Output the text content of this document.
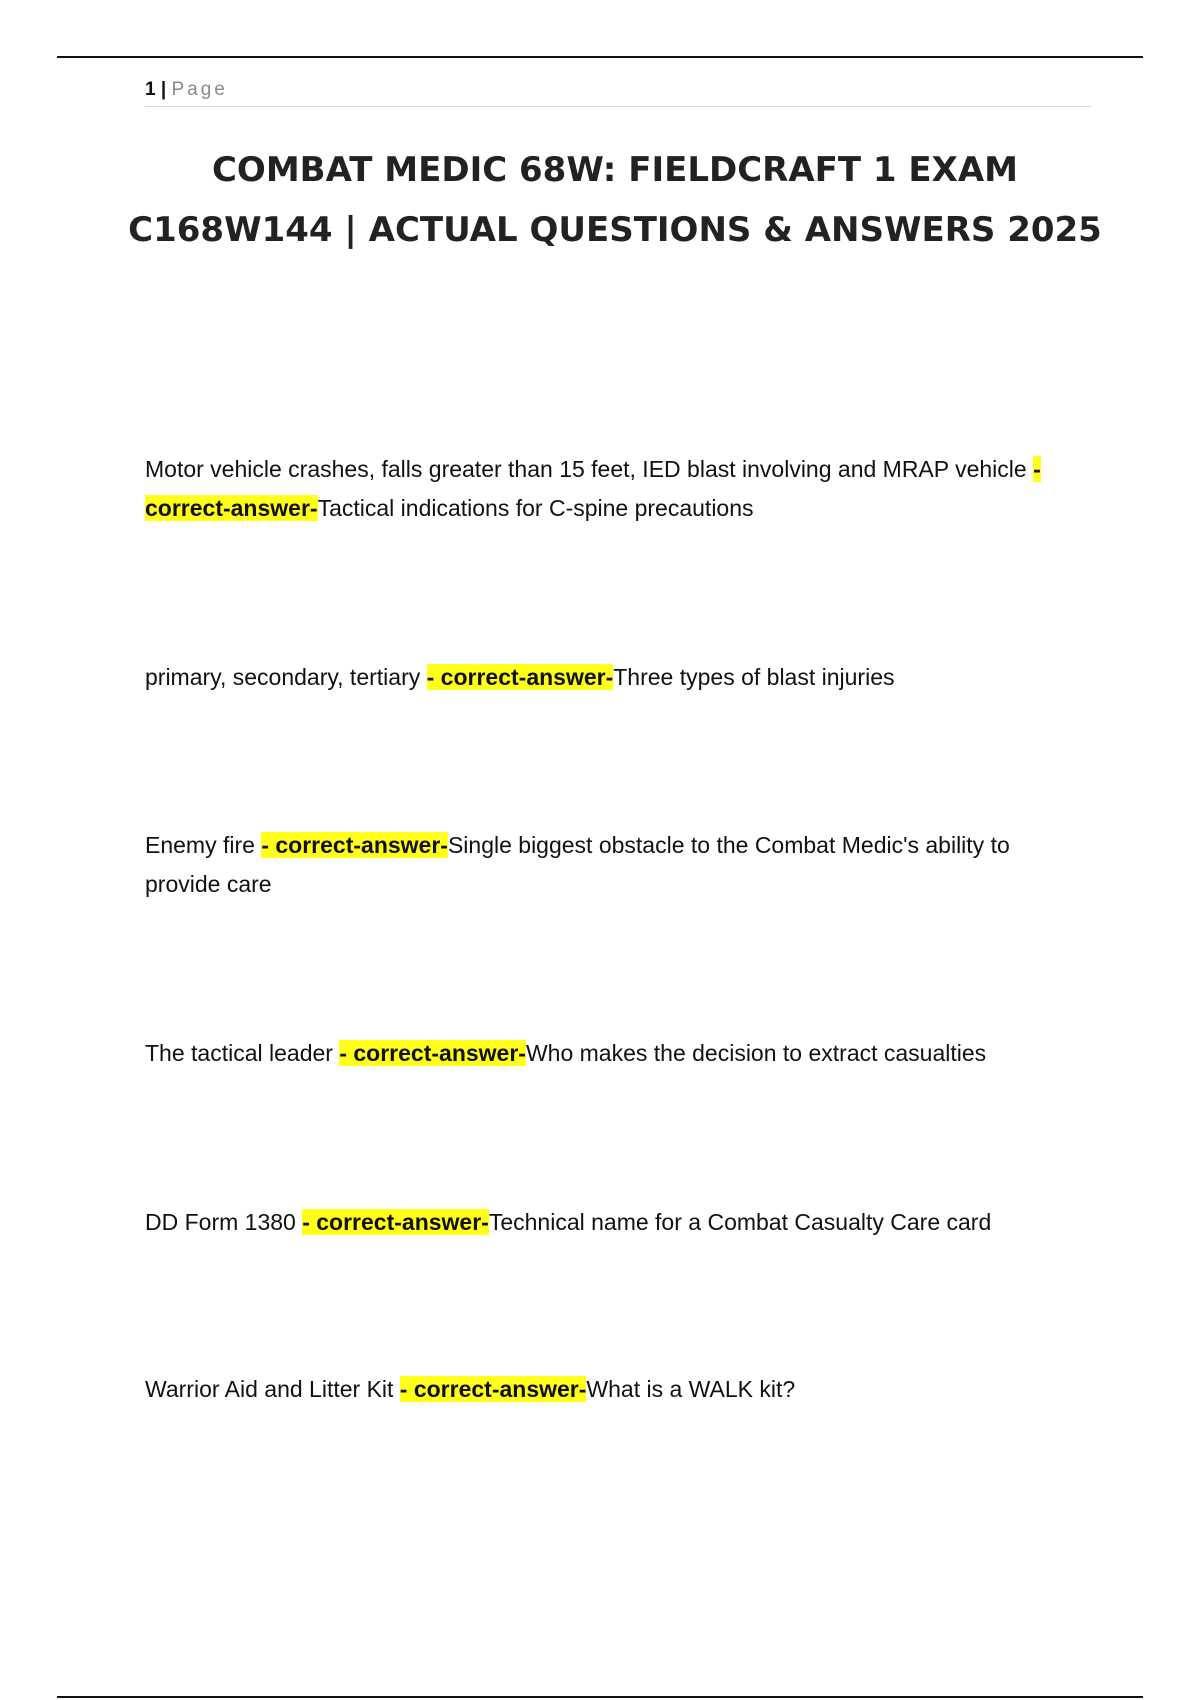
1 | Page
COMBAT MEDIC 68W: FIELDCRAFT 1 EXAM C168W144 | ACTUAL QUESTIONS & ANSWERS 2025

Motor vehicle crashes, falls greater than 15 feet, IED blast involving and MRAP vehicle - correct-answer-Tactical indications for C-spine precautions

primary, secondary, tertiary - correct-answer-Three types of blast injuries

Enemy fire - correct-answer-Single biggest obstacle to the Combat Medic's ability to provide care

The tactical leader - correct-answer-Who makes the decision to extract casualties

DD Form 1380 - correct-answer-Technical name for a Combat Casualty Care card

Warrior Aid and Litter Kit - correct-answer-What is a WALK kit?
